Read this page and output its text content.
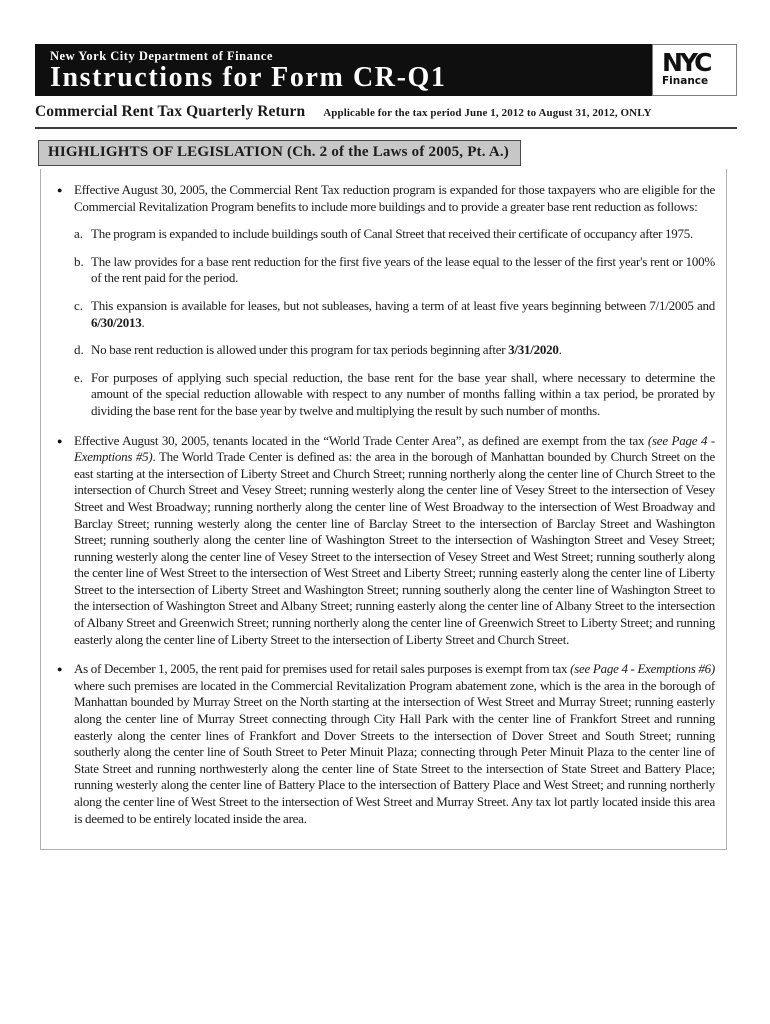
New York City Department of Finance
Instructions for Form CR-Q1	NYC
Finance
Commercial Rent Tax Quarterly Return Applicable for the tax period June 1, 2012 to August 31, 2012, ONLY
HIGHLIGHTS OF LEGISLATION (Ch. 2 of the Laws of 2005, Pt. A.)
● Effective August 30, 2005, the Commercial Rent Tax reduction program is expanded for those taxpayers who are eligible for the Commercial Revitalization Program benefits to include more buildings and to provide a greater base rent reduction as follows:
a. The program is expanded to include buildings south of Canal Street that received their certificate of occupancy after 1975.
b. The law provides for a base rent reduction for the first five years of the lease equal to the lesser of the first year's rent or 100% of the rent paid for the period.
c. This expansion is available for leases, but not subleases, having a term of at least five years beginning between 7/1/2005 and 6/30/2013.
d. No base rent reduction is allowed under this program for tax periods beginning after 3/31/2020.
e. For purposes of applying such special reduction, the base rent for the base year shall, where necessary to determine the amount of the special reduction allowable with respect to any number of months falling within a tax period, be prorated by dividing the base rent for the base year by twelve and multiplying the result by such number of months.
● Effective August 30, 2005, tenants located in the “World Trade Center Area”, as defined are exempt from the tax (see Page 4 - Exemptions #5). The World Trade Center is defined as: the area in the borough of Manhattan bounded by Church Street on the east starting at the intersection of Liberty Street and Church Street; running northerly along the center line of Church Street to the intersection of Church Street and Vesey Street; running westerly along the center line of Vesey Street to the intersection of Vesey Street and West Broadway; running northerly along the center line of West Broadway to the intersection of West Broadway and Barclay Street; running westerly along the center line of Barclay Street to the intersection of Barclay Street and Washington Street; running southerly along the center line of Washington Street to the intersection of Washington Street and Vesey Street; running westerly along the center line of Vesey Street to the intersection of Vesey Street and West Street; running southerly along the center line of West Street to the intersection of West Street and Liberty Street; running easterly along the center line of Liberty Street to the intersection of Liberty Street and Washington Street; running southerly along the center line of Washington Street to the intersection of Washington Street and Albany Street; running easterly along the center line of Albany Street to the intersection of Albany Street and Greenwich Street; running northerly along the center line of Greenwich Street to Liberty Street; and running easterly along the center line of Liberty Street to the intersection of Liberty Street and Church Street.
● As of December 1, 2005, the rent paid for premises used for retail sales purposes is exempt from tax (see Page 4 - Exemptions #6) where such premises are located in the Commercial Revitalization Program abatement zone, which is the area in the borough of Manhattan bounded by Murray Street on the North starting at the intersection of West Street and Murray Street; running easterly along the center line of Murray Street connecting through City Hall Park with the center line of Frankfort Street and running easterly along the center lines of Frankfort and Dover Streets to the intersection of Dover Street and South Street; running southerly along the center line of South Street to Peter Minuit Plaza; connecting through Peter Minuit Plaza to the center line of State Street and running northwesterly along the center line of State Street to the intersection of State Street and Battery Place; running westerly along the center line of Battery Place to the intersection of Battery Place and West Street; and running northerly along the center line of West Street to the intersection of West Street and Murray Street. Any tax lot partly located inside this area is deemed to be entirely located inside the area.
